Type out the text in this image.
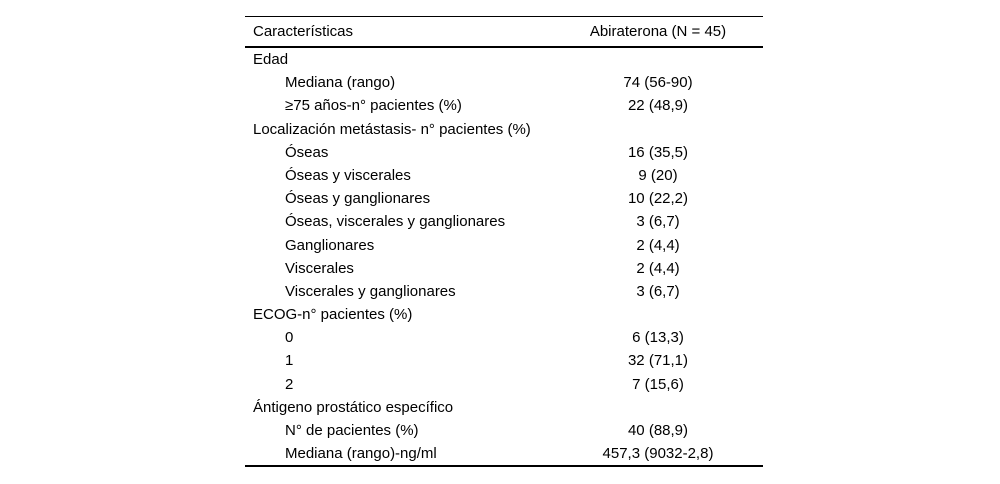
Características	Abiraterona (N = 45)
Edad
Mediana (rango)	74 (56-90)
≥75 años-n° pacientes (%)	22 (48,9)
Localización metástasis- n° pacientes (%)
Óseas	16 (35,5)
Óseas y viscerales	9 (20)
Óseas y ganglionares	10 (22,2)
Óseas, viscerales y ganglionares	3 (6,7)
Ganglionares	2 (4,4)
Viscerales	2 (4,4)
Viscerales y ganglionares	3 (6,7)
ECOG-n° pacientes (%)
0	6 (13,3)
1	32 (71,1)
2	7 (15,6)
Ántigeno prostático específico
N° de pacientes (%)	40 (88,9)
Mediana (rango)-ng/ml	457,3 (9032-2,8)
